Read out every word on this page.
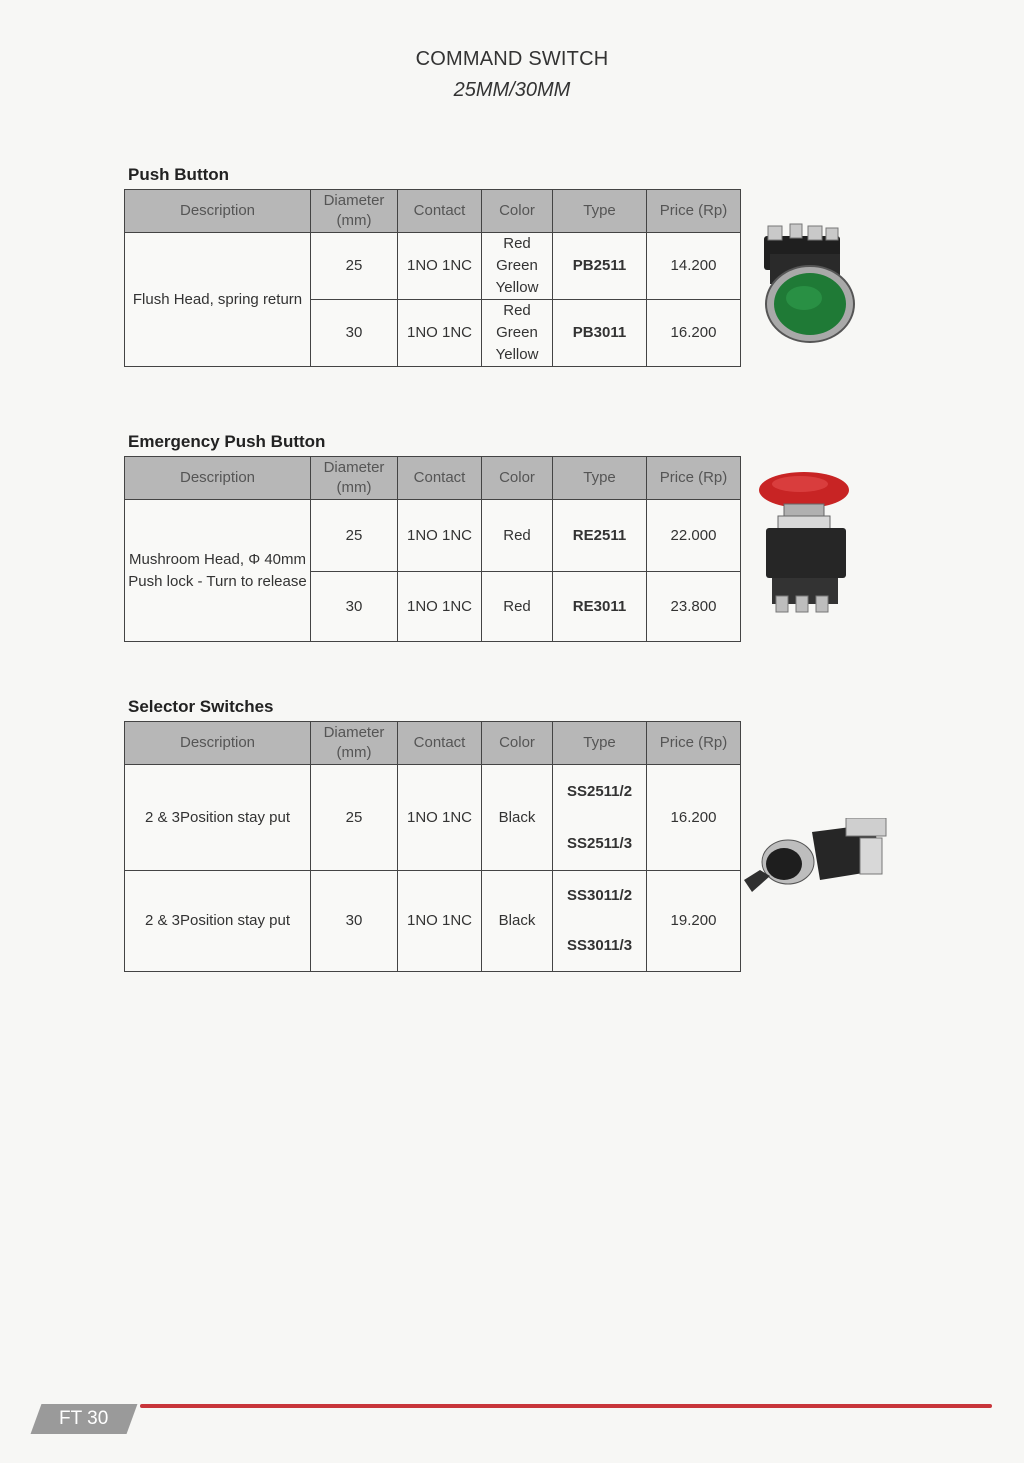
COMMAND SWITCH
25MM/30MM
Push Button
Description	Diameter (mm)	Contact	Color	Type	Price (Rp)
Flush Head, spring return	25	1NO 1NC	Red
Green
Yellow	PB2511	14.200
	30	1NO 1NC	Red
Green
Yellow	PB3011	16.200
Emergency Push Button
Description	Diameter (mm)	Contact	Color	Type	Price (Rp)
Mushroom Head, Φ 40mm Push lock - Turn to release	25	1NO 1NC	Red	RE2511	22.000
	30	1NO 1NC	Red	RE3011	23.800
Selector Switches
Description	Diameter (mm)	Contact	Color	Type	Price (Rp)
2 & 3Position stay put	25	1NO 1NC	Black	SS2511/2
SS2511/3	16.200
2 & 3Position stay put	30	1NO 1NC	Black	SS3011/2
SS3011/3	19.200
FT 30
